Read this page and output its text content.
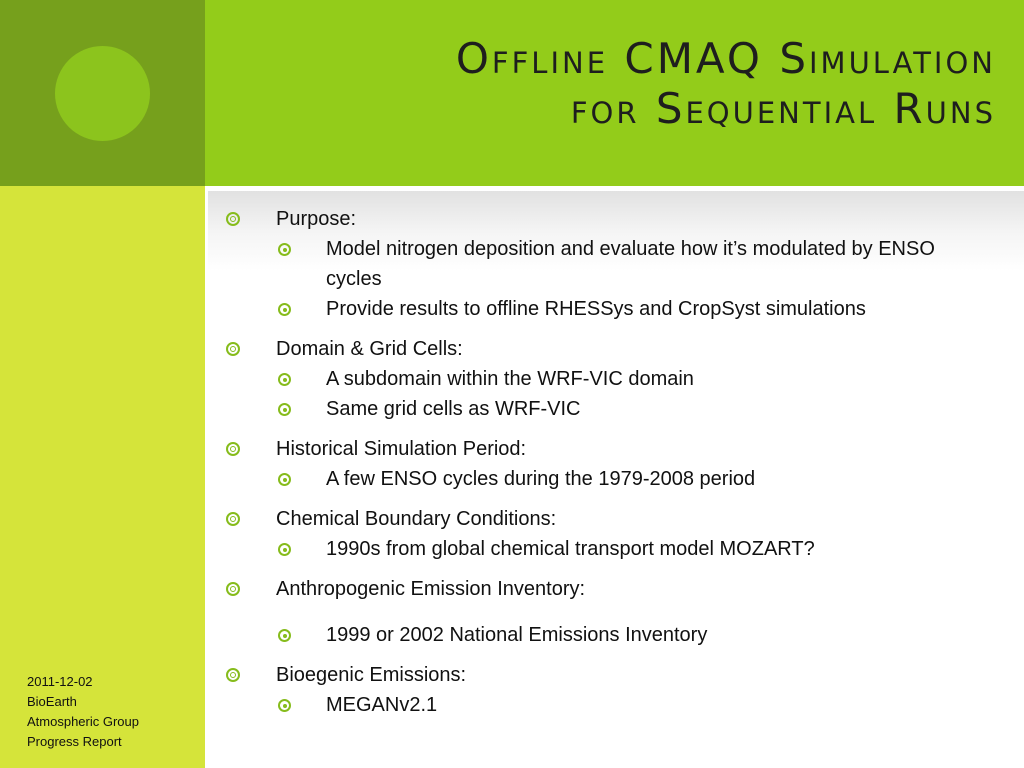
Offline CMAQ Simulation
for Sequential Runs
Purpose:
Model nitrogen deposition and evaluate how it’s modulated by ENSO cycles
Provide results to offline RHESSys and CropSyst simulations
Domain & Grid Cells:
A subdomain within the WRF-VIC domain
Same grid cells as WRF-VIC
Historical Simulation Period:
A few ENSO cycles during the 1979-2008 period
Chemical Boundary Conditions:
1990s from global chemical transport model MOZART?
Anthropogenic Emission Inventory:
1999 or 2002 National Emissions Inventory
Bioegenic Emissions:
MEGANv2.1
2011-12-02
BioEarth
Atmospheric Group
Progress Report
